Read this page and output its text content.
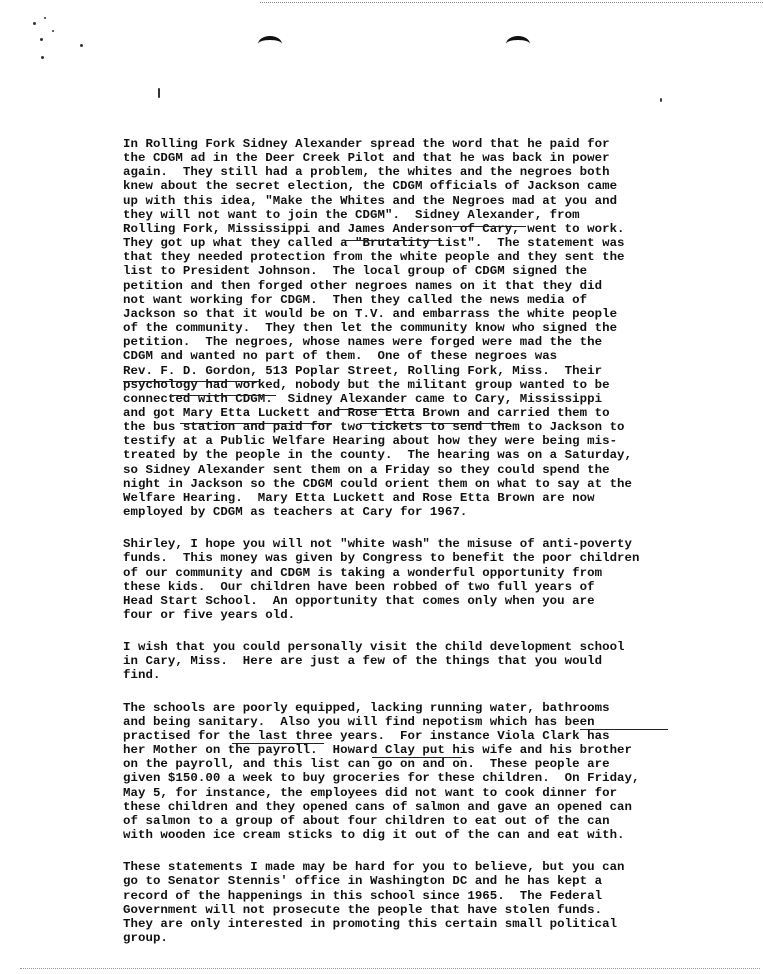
In Rolling Fork Sidney Alexander spread the word that he paid for
the CDGM ad in the Deer Creek Pilot and that he was back in power
again.  They still had a problem, the whites and the negroes both
knew about the secret election, the CDGM officials of Jackson came
up with this idea, "Make the Whites and the Negroes mad at you and
they will not want to join the CDGM".  Sidney Alexander, from
Rolling Fork, Mississippi and James Anderson of Cary, went to work.
They got up what they called a "Brutality List".  The statement was
that they needed protection from the white people and they sent the
list to President Johnson.  The local group of CDGM signed the
petition and then forged other negroes names on it that they did
not want working for CDGM.  Then they called the news media of
Jackson so that it would be on T.V. and embarrass the white people
of the community.  They then let the community know who signed the
petition.  The negroes, whose names were forged were mad the the
CDGM and wanted no part of them.  One of these negroes was
Rev. F. D. Gordon, 513 Poplar Street, Rolling Fork, Miss.  Their
psychology had worked, nobody but the militant group wanted to be
connected with CDGM.  Sidney Alexander came to Cary, Mississippi
and got Mary Etta Luckett and Rose Etta Brown and carried them to
the bus station and paid for two tickets to send them to Jackson to
testify at a Public Welfare Hearing about how they were being mis-
treated by the people in the county.  The hearing was on a Saturday,
so Sidney Alexander sent them on a Friday so they could spend the
night in Jackson so the CDGM could orient them on what to say at the
Welfare Hearing.  Mary Etta Luckett and Rose Etta Brown are now
employed by CDGM as teachers at Cary for 1967.

Shirley, I hope you will not "white wash" the misuse of anti-poverty
funds.  This money was given by Congress to benefit the poor children
of our community and CDGM is taking a wonderful opportunity from
these kids.  Our children have been robbed of two full years of
Head Start School.  An opportunity that comes only when you are
four or five years old.

I wish that you could personally visit the child development school
in Cary, Miss.  Here are just a few of the things that you would
find.

The schools are poorly equipped, lacking running water, bathrooms
and being sanitary.  Also you will find nepotism which has been
practised for the last three years.  For instance Viola Clark has
her Mother on the payroll.  Howard Clay put his wife and his brother
on the payroll, and this list can go on and on.  These people are
given $150.00 a week to buy groceries for these children.  On Friday,
May 5, for instance, the employees did not want to cook dinner for
these children and they opened cans of salmon and gave an opened can
of salmon to a group of about four children to eat out of the can
with wooden ice cream sticks to dig it out of the can and eat with.

These statements I made may be hard for you to believe, but you can
go to Senator Stennis' office in Washington DC and he has kept a
record of the happenings in this school since 1965.  The Federal
Government will not prosecute the people that have stolen funds.
They are only interested in promoting this certain small political
group.
